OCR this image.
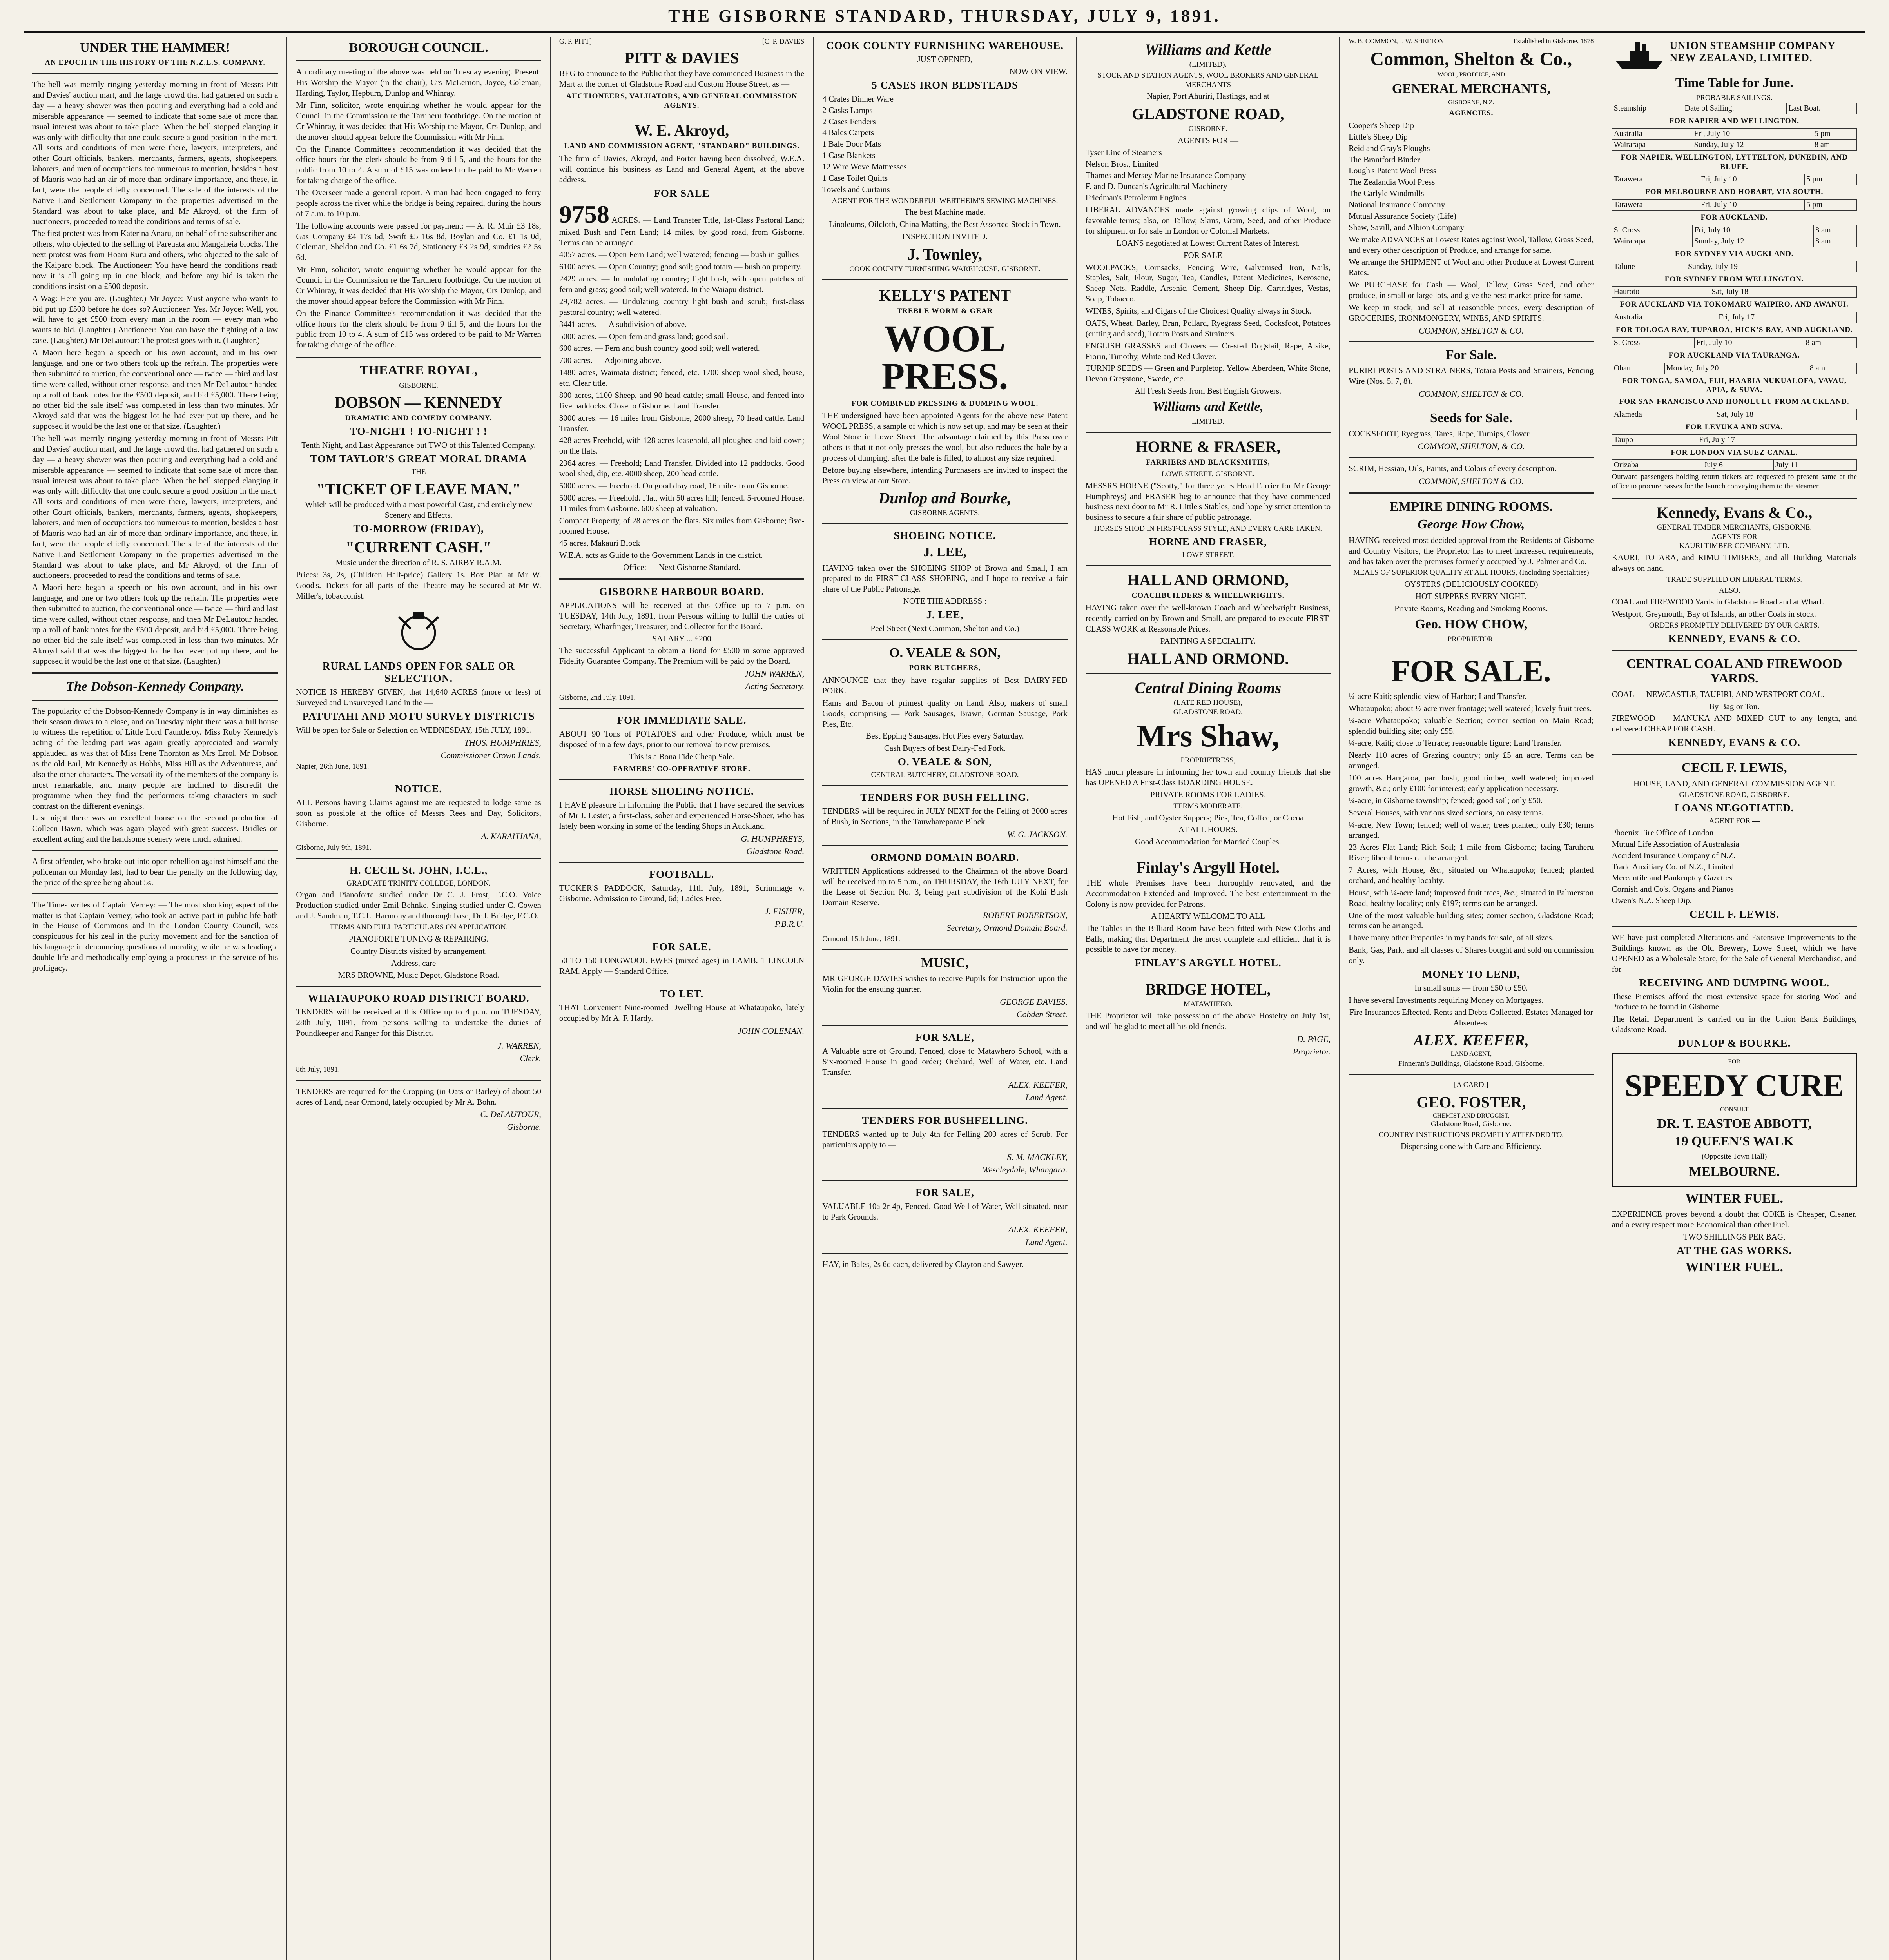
THE GISBORNE STANDARD, THURSDAY, JULY 9, 1891.
UNDER THE HAMMER!
AN EPOCH IN THE HISTORY OF THE N.Z.L.S. COMPANY.

The bell was merrily ringing yesterday morning in front of Messrs Pitt and Davies' auction mart, and the large crowd that had gathered on such a day — a heavy shower was then pouring and everything had a cold and miserable appearance — seemed to indicate that some sale of more than usual interest was about to take place. When the bell stopped clanging it was only with difficulty that one could secure a good position in the mart. All sorts and conditions of men were there, lawyers, interpreters, and other Court officials, bankers, merchants, farmers, agents, shopkeepers, laborers, and men of occupations too numerous to mention, besides a host of Maoris who had an air of more than ordinary importance, and these, in fact, were the people chiefly concerned. The sale of the interests of the Native Land Settlement Company in the properties advertised in the Standard was about to take place, and Mr Akroyd, of the firm of auctioneers, proceeded to read the conditions and terms of sale.

The first protest was from Katerina Anaru, on behalf of the subscriber and others, who objected to the selling of Pareuata and Mangaheia blocks. The next protest was from Hoani Ruru and others, who objected to the sale of the Kaiparo block. The Auctioneer: You have heard the conditions read; now it is all going up in one block, and before any bid is taken the conditions insist on a £500 deposit.

A Wag: Here you are. (Laughter.) Mr Joyce: Must anyone who wants to bid put up £500 before he does so? Auctioneer: Yes. Mr Joyce: Well, you will have to get £500 from every man in the room — every man who wants to bid. (Laughter.) Auctioneer: You can have the fighting of a law case. (Laughter.) Mr DeLautour: The protest goes with it. (Laughter.)

A Maori here began a speech on his own account, and in his own language, and one or two others took up the refrain. The properties were then submitted to auction, the conventional once — twice — third and last time were called, without other response, and then Mr DeLautour handed up a roll of bank notes for the £500 deposit, and bid £5,000. There being no other bid the sale itself was completed in less than two minutes. Mr Akroyd said that was the biggest lot he had ever put up there, and he supposed it would be the last one of that size. (Laughter.)

The bell was merrily ringing yesterday morning in front of Messrs Pitt and Davies' auction mart, and the large crowd that had gathered on such a day — a heavy shower was then pouring and everything had a cold and miserable appearance — seemed to indicate that some sale of more than usual interest was about to take place. When the bell stopped clanging it was only with difficulty that one could secure a good position in the mart. All sorts and conditions of men were there, lawyers, interpreters, and other Court officials, bankers, merchants, farmers, agents, shopkeepers, laborers, and men of occupations too numerous to mention, besides a host of Maoris who had an air of more than ordinary importance, and these, in fact, were the people chiefly concerned. The sale of the interests of the Native Land Settlement Company in the properties advertised in the Standard was about to take place, and Mr Akroyd, of the firm of auctioneers, proceeded to read the conditions and terms of sale.

A Maori here began a speech on his own account, and in his own language, and one or two others took up the refrain. The properties were then submitted to auction, the conventional once — twice — third and last time were called, without other response, and then Mr DeLautour handed up a roll of bank notes for the £500 deposit, and bid £5,000. There being no other bid the sale itself was completed in less than two minutes. Mr Akroyd said that was the biggest lot he had ever put up there, and he supposed it would be the last one of that size. (Laughter.)

The Dobson-Kennedy Company.

The popularity of the Dobson-Kennedy Company is in way diminishes as their season draws to a close, and on Tuesday night there was a full house to witness the repetition of Little Lord Fauntleroy. Miss Ruby Kennedy's acting of the leading part was again greatly appreciated and warmly applauded, as was that of Miss Irene Thornton as Mrs Errol, Mr Dobson as the old Earl, Mr Kennedy as Hobbs, Miss Hill as the Adventuress, and also the other characters. The versatility of the members of the company is most remarkable, and many people are inclined to discredit the programme when they find the performers taking characters in such contrast on the different evenings.

Last night there was an excellent house on the second production of Colleen Bawn, which was again played with great success. Bridles on excellent acting and the handsome scenery were much admired.

A first offender, who broke out into open rebellion against himself and the policeman on Monday last, had to bear the penalty on the following day, the price of the spree being about 5s.

The Times writes of Captain Verney: — The most shocking aspect of the matter is that Captain Verney, who took an active part in public life both in the House of Commons and in the London County Council, was conspicuous for his zeal in the purity movement and for the sanction of his language in denouncing questions of morality, while he was leading a double life and methodically employing a procuress in the service of his profligacy.

BOROUGH COUNCIL.

An ordinary meeting of the above was held on Tuesday evening. Present: His Worship the Mayor (in the chair), Crs McLernon, Joyce, Coleman, Harding, Taylor, Hepburn, Dunlop and Whinray.

Mr Finn, solicitor, wrote enquiring whether he would appear for the Council in the Commission re the Taruheru footbridge. On the motion of Cr Whinray, it was decided that His Worship the Mayor, Crs Dunlop, and the mover should appear before the Commission with Mr Finn.

On the Finance Committee's recommendation it was decided that the office hours for the clerk should be from 9 till 5, and the hours for the public from 10 to 4. A sum of £15 was ordered to be paid to Mr Warren for taking charge of the office.

The Overseer made a general report. A man had been engaged to ferry people across the river while the bridge is being repaired, during the hours of 7 a.m. to 10 p.m.

The following accounts were passed for payment: — A. R. Muir £3 18s, Gas Company £4 17s 6d, Swift £5 16s 8d, Boylan and Co. £1 1s 0d, Coleman, Sheldon and Co. £1 6s 7d, Stationery £3 2s 9d, sundries £2 5s 6d.

Mr Finn, solicitor, wrote enquiring whether he would appear for the Council in the Commission re the Taruheru footbridge. On the motion of Cr Whinray, it was decided that His Worship the Mayor, Crs Dunlop, and the mover should appear before the Commission with Mr Finn.

On the Finance Committee's recommendation it was decided that the office hours for the clerk should be from 9 till 5, and the hours for the public from 10 to 4. A sum of £15 was ordered to be paid to Mr Warren for taking charge of the office.

THEATRE ROYAL,
GISBORNE.
DOBSON — KENNEDY
DRAMATIC AND COMEDY COMPANY.
TO-NIGHT ! TO-NIGHT ! !

Tenth Night, and Last Appearance but TWO of this Talented Company.

TOM TAYLOR'S GREAT MORAL DRAMA
THE
"TICKET OF LEAVE MAN."

Which will be produced with a most powerful Cast, and entirely new Scenery and Effects.

TO-MORROW (FRIDAY),
"CURRENT CASH."

Music under the direction of R. S. AIRBY R.A.M.

Prices: 3s, 2s, (Children Half-price) Gallery 1s. Box Plan at Mr W. Good's. Tickets for all parts of the Theatre may be secured at Mr W. Miller's, tobacconist.

RURAL LANDS OPEN FOR SALE OR SELECTION.

NOTICE IS HEREBY GIVEN, that 14,640 ACRES (more or less) of Surveyed and Unsurveyed Land in the —

PATUTAHI AND MOTU SURVEY DISTRICTS

Will be open for Sale or Selection on WEDNESDAY, 15th JULY, 1891.

THOS. HUMPHRIES,
Commissioner Crown Lands.

Napier, 26th June, 1891.

NOTICE.

ALL Persons having Claims against me are requested to lodge same as soon as possible at the office of Messrs Rees and Day, Solicitors, Gisborne.

A. KARAITIANA,

Gisborne, July 9th, 1891.

H. CECIL St. JOHN, I.C.L.,
GRADUATE TRINITY COLLEGE, LONDON.

Organ and Pianoforte studied under Dr C. J. Frost, F.C.O. Voice Production studied under Emil Behnke. Singing studied under C. Cowen and J. Sandman, T.C.L. Harmony and thorough base, Dr J. Bridge, F.C.O.

TERMS AND FULL PARTICULARS ON APPLICATION.

PIANOFORTE TUNING & REPAIRING.

Country Districts visited by arrangement.

Address, care —

MRS BROWNE, Music Depot, Gladstone Road.

WHATAUPOKO ROAD DISTRICT BOARD.

TENDERS will be received at this Office up to 4 p.m. on TUESDAY, 28th July, 1891, from persons willing to undertake the duties of Poundkeeper and Ranger for this District.

J. WARREN,
Clerk.

8th July, 1891.

TENDERS are required for the Cropping (in Oats or Barley) of about 50 acres of Land, near Ormond, lately occupied by Mr A. Bohn.

C. DeLAUTOUR,
Gisborne.
G. P. PITT]	[C. P. DAVIES
PITT & DAVIES

BEG to announce to the Public that they have commenced Business in the Mart at the corner of Gladstone Road and Custom House Street, as —

AUCTIONEERS, VALUATORS, AND GENERAL COMMISSION AGENTS.
W. E. Akroyd,
LAND AND COMMISSION AGENT, "STANDARD" BUILDINGS.

The firm of Davies, Akroyd, and Porter having been dissolved, W.E.A. will continue his business as Land and General Agent, at the above address.

FOR SALE

9758 ACRES. — Land Transfer Title, 1st-Class Pastoral Land; mixed Bush and Fern Land; 14 miles, by good road, from Gisborne. Terms can be arranged.

4057 acres. — Open Fern Land; well watered; fencing — bush in gullies

6100 acres. — Open Country; good soil; good totara — bush on property.

2429 acres. — In undulating country; light bush, with open patches of fern and grass; good soil; well watered. In the Waiapu district.

29,782 acres. — Undulating country light bush and scrub; first-class pastoral country; well watered.

3441 acres. — A subdivision of above.

5000 acres. — Open fern and grass land; good soil.

600 acres. — Fern and bush country good soil; well watered.

700 acres. — Adjoining above.

1480 acres, Waimata district; fenced, etc. 1700 sheep wool shed, house, etc. Clear title.

800 acres, 1100 Sheep, and 90 head cattle; small House, and fenced into five paddocks. Close to Gisborne. Land Transfer.

3000 acres. — 16 miles from Gisborne, 2000 sheep, 70 head cattle. Land Transfer.

428 acres Freehold, with 128 acres leasehold, all ploughed and laid down; on the flats.

2364 acres. — Freehold; Land Transfer. Divided into 12 paddocks. Good wool shed, dip, etc. 4000 sheep, 200 head cattle.

5000 acres. — Freehold. On good dray road, 16 miles from Gisborne.

5000 acres. — Freehold. Flat, with 50 acres hill; fenced. 5-roomed House. 11 miles from Gisborne. 600 sheep at valuation.

Compact Property, of 28 acres on the flats. Six miles from Gisborne; five-roomed House.

45 acres, Makauri Block

W.E.A. acts as Guide to the Government Lands in the district.

Office: — Next Gisborne Standard.

GISBORNE HARBOUR BOARD.

APPLICATIONS will be received at this Office up to 7 p.m. on TUESDAY, 14th July, 1891, from Persons willing to fulfil the duties of Secretary, Wharfinger, Treasurer, and Collector for the Board.

SALARY ... £200

The successful Applicant to obtain a Bond for £500 in some approved Fidelity Guarantee Company. The Premium will be paid by the Board.

JOHN WARREN,
Acting Secretary.

Gisborne, 2nd July, 1891.

FOR IMMEDIATE SALE.

ABOUT 90 Tons of POTATOES and other Produce, which must be disposed of in a few days, prior to our removal to new premises.

This is a Bona Fide Cheap Sale.

FARMERS' CO-OPERATIVE STORE.
HORSE SHOEING NOTICE.

I HAVE pleasure in informing the Public that I have secured the services of Mr J. Lester, a first-class, sober and experienced Horse-Shoer, who has lately been working in some of the leading Shops in Auckland.

G. HUMPHREYS,
Gladstone Road.
FOOTBALL.

TUCKER'S PADDOCK, Saturday, 11th July, 1891, Scrimmage v. Gisborne. Admission to Ground, 6d; Ladies Free.

J. FISHER,
P.B.R.U.
FOR SALE.

50 TO 150 LONGWOOL EWES (mixed ages) in LAMB. 1 LINCOLN RAM. Apply — Standard Office.

TO LET.

THAT Convenient Nine-roomed Dwelling House at Whataupoko, lately occupied by Mr A. F. Hardy.

JOHN COLEMAN.
COOK COUNTY FURNISHING WAREHOUSE.

JUST OPENED,

NOW ON VIEW.

5 CASES IRON BEDSTEADS

4 Crates Dinner Ware

2 Casks Lamps

2 Cases Fenders

4 Bales Carpets

1 Bale Door Mats

1 Case Blankets

12 Wire Wove Mattresses

1 Case Toilet Quilts

Towels and Curtains

AGENT FOR THE WONDERFUL WERTHEIM'S SEWING MACHINES,

The best Machine made.

Linoleums, Oilcloth, China Matting, the Best Assorted Stock in Town.

INSPECTION INVITED.

J. Townley,
COOK COUNTY FURNISHING WAREHOUSE, GISBORNE.
KELLY'S PATENT
TREBLE WORM & GEAR
WOOL PRESS.
FOR COMBINED PRESSING & DUMPING WOOL.

THE undersigned have been appointed Agents for the above new Patent WOOL PRESS, a sample of which is now set up, and may be seen at their Wool Store in Lowe Street. The advantage claimed by this Press over others is that it not only presses the wool, but also reduces the bale by a process of dumping, after the bale is filled, to almost any size required.

Before buying elsewhere, intending Purchasers are invited to inspect the Press on view at our Store.

Dunlop and Bourke,
GISBORNE AGENTS.
SHOEING NOTICE.
J. LEE,

HAVING taken over the SHOEING SHOP of Brown and Small, I am prepared to do FIRST-CLASS SHOEING, and I hope to receive a fair share of the Public Patronage.

NOTE THE ADDRESS :

J. LEE,

Peel Street (Next Common, Shelton and Co.)

O. VEALE & SON,
PORK BUTCHERS,

ANNOUNCE that they have regular supplies of Best DAIRY-FED PORK.

Hams and Bacon of primest quality on hand. Also, makers of small Goods, comprising — Pork Sausages, Brawn, German Sausage, Pork Pies, Etc.

Best Epping Sausages. Hot Pies every Saturday.

Cash Buyers of best Dairy-Fed Pork.

O. VEALE & SON,
CENTRAL BUTCHERY, GLADSTONE ROAD.
TENDERS FOR BUSH FELLING.

TENDERS will be required in JULY NEXT for the Felling of 3000 acres of Bush, in Sections, in the Tauwhareparae Block.

W. G. JACKSON.
ORMOND DOMAIN BOARD.

WRITTEN Applications addressed to the Chairman of the above Board will be received up to 5 p.m., on THURSDAY, the 16th JULY NEXT, for the Lease of Section No. 3, being part subdivision of the Kohi Bush Domain Reserve.

ROBERT ROBERTSON,
Secretary, Ormond Domain Board.

Ormond, 15th June, 1891.

MUSIC,

MR GEORGE DAVIES wishes to receive Pupils for Instruction upon the Violin for the ensuing quarter.

GEORGE DAVIES,
Cobden Street.
FOR SALE,

A Valuable acre of Ground, Fenced, close to Matawhero School, with a Six-roomed House in good order; Orchard, Well of Water, etc. Land Transfer.

ALEX. KEEFER,
Land Agent.
TENDERS FOR BUSHFELLING.

TENDERS wanted up to July 4th for Felling 200 acres of Scrub. For particulars apply to —

S. M. MACKLEY,
Wescleydale, Whangara.
FOR SALE,

VALUABLE 10a 2r 4p, Fenced, Good Well of Water, Well-situated, near to Park Grounds.

ALEX. KEEFER,
Land Agent.

HAY, in Bales, 2s 6d each, delivered by Clayton and Sawyer.

Williams and Kettle
(LIMITED).

STOCK AND STATION AGENTS, WOOL BROKERS AND GENERAL MERCHANTS

Napier, Port Ahuriri, Hastings, and at

GLADSTONE ROAD,
GISBORNE.

AGENTS FOR —

Tyser Line of Steamers

Nelson Bros., Limited

Thames and Mersey Marine Insurance Company

F. and D. Duncan's Agricultural Machinery

Friedman's Petroleum Engines

LIBERAL ADVANCES made against growing clips of Wool, on favorable terms; also, on Tallow, Skins, Grain, Seed, and other Produce for shipment or for sale in London or Colonial Markets.

LOANS negotiated at Lowest Current Rates of Interest.

FOR SALE —

WOOLPACKS, Cornsacks, Fencing Wire, Galvanised Iron, Nails, Staples, Salt, Flour, Sugar, Tea, Candles, Patent Medicines, Kerosene, Sheep Nets, Raddle, Arsenic, Cement, Sheep Dip, Cartridges, Vestas, Soap, Tobacco.

WINES, Spirits, and Cigars of the Choicest Quality always in Stock.

OATS, Wheat, Barley, Bran, Pollard, Ryegrass Seed, Cocksfoot, Potatoes (cutting and seed), Totara Posts and Strainers.

ENGLISH GRASSES and Clovers — Crested Dogstail, Rape, Alsike, Fiorin, Timothy, White and Red Clover.

TURNIP SEEDS — Green and Purpletop, Yellow Aberdeen, White Stone, Devon Greystone, Swede, etc.

All Fresh Seeds from Best English Growers.

Williams and Kettle,
LIMITED.
HORNE & FRASER,
FARRIERS AND BLACKSMITHS,
LOWE STREET, GISBORNE.

MESSRS HORNE ("Scotty," for three years Head Farrier for Mr George Humphreys) and FRASER beg to announce that they have commenced business next door to Mr R. Little's Stables, and hope by strict attention to business to secure a fair share of public patronage.

HORSES SHOD IN FIRST-CLASS STYLE, AND EVERY CARE TAKEN.

HORNE AND FRASER,
LOWE STREET.
HALL AND ORMOND,
COACHBUILDERS & WHEELWRIGHTS.

HAVING taken over the well-known Coach and Wheelwright Business, recently carried on by Brown and Small, are prepared to execute FIRST-CLASS WORK at Reasonable Prices.

PAINTING A SPECIALITY.

HALL AND ORMOND.
Central Dining Rooms
(LATE RED HOUSE),
GLADSTONE ROAD.
Mrs Shaw,
PROPRIETRESS,

HAS much pleasure in informing her town and country friends that she has OPENED A First-Class BOARDING HOUSE.

PRIVATE ROOMS FOR LADIES.

TERMS MODERATE.

Hot Fish, and Oyster Suppers; Pies, Tea, Coffee, or Cocoa

AT ALL HOURS.

Good Accommodation for Married Couples.

Finlay's Argyll Hotel.

THE whole Premises have been thoroughly renovated, and the Accommodation Extended and Improved. The best entertainment in the Colony is now provided for Patrons.

A HEARTY WELCOME TO ALL

The Tables in the Billiard Room have been fitted with New Cloths and Balls, making that Department the most complete and efficient that it is possible to have for money.

FINLAY'S ARGYLL HOTEL.
BRIDGE HOTEL,
MATAWHERO.

THE Proprietor will take possession of the above Hostelry on July 1st, and will be glad to meet all his old friends.

D. PAGE,
Proprietor.
W. B. COMMON, J. W. SHELTON	Established in Gisborne, 1878
Common, Shelton & Co.,
WOOL, PRODUCE, AND
GENERAL MERCHANTS,
GISBORNE, N.Z.
AGENCIES.

Cooper's Sheep Dip

Little's Sheep Dip

Reid and Gray's Ploughs

The Brantford Binder

Lough's Patent Wool Press

The Zealandia Wool Press

The Carlyle Windmills

National Insurance Company

Mutual Assurance Society (Life)

Shaw, Savill, and Albion Company

We make ADVANCES at Lowest Rates against Wool, Tallow, Grass Seed, and every other description of Produce, and arrange for same.

We arrange the SHIPMENT of Wool and other Produce at Lowest Current Rates.

We PURCHASE for Cash — Wool, Tallow, Grass Seed, and other produce, in small or large lots, and give the best market price for same.

We keep in stock, and sell at reasonable prices, every description of GROCERIES, IRONMONGERY, WINES, AND SPIRITS.

COMMON, SHELTON & CO.
For Sale.

PURIRI POSTS AND STRAINERS, Totara Posts and Strainers, Fencing Wire (Nos. 5, 7, 8).

COMMON, SHELTON & CO.
Seeds for Sale.

COCKSFOOT, Ryegrass, Tares, Rape, Turnips, Clover.

COMMON, SHELTON, & CO.

SCRIM, Hessian, Oils, Paints, and Colors of every description.

COMMON, SHELTON & CO.
EMPIRE DINING ROOMS.
George How Chow,

HAVING received most decided approval from the Residents of Gisborne and Country Visitors, the Proprietor has to meet increased requirements, and has taken over the premises formerly occupied by J. Palmer and Co.

MEALS OF SUPERIOR QUALITY AT ALL HOURS, (Including Specialities)

OYSTERS (DELICIOUSLY COOKED)

HOT SUPPERS EVERY NIGHT.

Private Rooms, Reading and Smoking Rooms.

Geo. HOW CHOW,
PROPRIETOR.
FOR SALE.

¼-acre Kaiti; splendid view of Harbor; Land Transfer.

Whataupoko; about ½ acre river frontage; well watered; lovely fruit trees.

¼-acre Whataupoko; valuable Section; corner section on Main Road; splendid building site; only £55.

¼-acre, Kaiti; close to Terrace; reasonable figure; Land Transfer.

Nearly 110 acres of Grazing country; only £5 an acre. Terms can be arranged.

100 acres Hangaroa, part bush, good timber, well watered; improved growth, &c.; only £100 for interest; early application necessary.

¼-acre, in Gisborne township; fenced; good soil; only £50.

Several Houses, with various sized sections, on easy terms.

¼-acre, New Town; fenced; well of water; trees planted; only £30; terms arranged.

23 Acres Flat Land; Rich Soil; 1 mile from Gisborne; facing Taruheru River; liberal terms can be arranged.

7 Acres, with House, &c., situated on Whataupoko; fenced; planted orchard, and healthy locality.

House, with ¼-acre land; improved fruit trees, &c.; situated in Palmerston Road, healthy locality; only £197; terms can be arranged.

One of the most valuable building sites; corner section, Gladstone Road; terms can be arranged.

I have many other Properties in my hands for sale, of all sizes.

Bank, Gas, Park, and all classes of Shares bought and sold on commission only.

MONEY TO LEND,

In small sums — from £50 to £50.

I have several Investments requiring Money on Mortgages.

Fire Insurances Effected. Rents and Debts Collected. Estates Managed for Absentees.

ALEX. KEEFER,
LAND AGENT,

Finneran's Buildings, Gladstone Road, Gisborne.

[A CARD.]
GEO. FOSTER,
CHEMIST AND DRUGGIST,
Gladstone Road, Gisborne.

COUNTRY INSTRUCTIONS PROMPTLY ATTENDED TO.

Dispensing done with Care and Efficiency.

UNION STEAMSHIP COMPANY NEW ZEALAND, LIMITED.
Time Table for June.
PROBABLE SAILINGS.
Steamship	Date of Sailing.	Last Boat.
FOR NAPIER AND WELLINGTON.
Australia	Fri, July 10	5 pm
Wairarapa	Sunday, July 12	8 am
FOR NAPIER, WELLINGTON, LYTTELTON, DUNEDIN, AND BLUFF.
Tarawera	Fri, July 10	5 pm
FOR MELBOURNE AND HOBART, VIA SOUTH.
Tarawera	Fri, July 10	5 pm
FOR AUCKLAND.
S. Cross	Fri, July 10	8 am
Wairarapa	Sunday, July 12	8 am
FOR SYDNEY VIA AUCKLAND.
Talune	Sunday, July 19	
FOR SYDNEY FROM WELLINGTON.
Hauroto	Sat, July 18	
FOR AUCKLAND VIA TOKOMARU WAIPIRO, AND AWANUI.
Australia	Fri, July 17	
FOR TOLOGA BAY, TUPAROA, HICK'S BAY, AND AUCKLAND.
S. Cross	Fri, July 10	8 am
FOR AUCKLAND VIA TAURANGA.
Ohau	Monday, July 20	8 am
FOR TONGA, SAMOA, FIJI, HAABIA NUKUALOFA, VAVAU, APIA, & SUVA.
FOR SAN FRANCISCO AND HONOLULU FROM AUCKLAND.
Alameda	Sat, July 18	
FOR LEVUKA AND SUVA.
Taupo	Fri, July 17	
FOR LONDON VIA SUEZ CANAL.
Orizaba	July 6	July 11

Outward passengers holding return tickets are requested to present same at the office to procure passes for the launch conveying them to the steamer.

Kennedy, Evans & Co.,
GENERAL TIMBER MERCHANTS, GISBORNE.
AGENTS FOR
KAURI TIMBER COMPANY, LTD.

KAURI, TOTARA, and RIMU TIMBERS, and all Building Materials always on hand.

TRADE SUPPLIED ON LIBERAL TERMS.

ALSO, —

COAL and FIREWOOD Yards in Gladstone Road and at Wharf.

Westport, Greymouth, Bay of Islands, an other Coals in stock.

ORDERS PROMPTLY DELIVERED BY OUR CARTS.

KENNEDY, EVANS & CO.
CENTRAL COAL AND FIREWOOD YARDS.

COAL — NEWCASTLE, TAUPIRI, AND WESTPORT COAL.

By Bag or Ton.

FIREWOOD — MANUKA AND MIXED CUT to any length, and delivered CHEAP FOR CASH.

KENNEDY, EVANS & CO.
CECIL F. LEWIS,

HOUSE, LAND, AND GENERAL COMMISSION AGENT.

GLADSTONE ROAD, GISBORNE.

LOANS NEGOTIATED.

AGENT FOR —

Phoenix Fire Office of London

Mutual Life Association of Australasia

Accident Insurance Company of N.Z.

Trade Auxiliary Co. of N.Z., Limited

Mercantile and Bankruptcy Gazettes

Cornish and Co's. Organs and Pianos

Owen's N.Z. Sheep Dip.

CECIL F. LEWIS.

WE have just completed Alterations and Extensive Improvements to the Buildings known as the Old Brewery, Lowe Street, which we have OPENED as a Wholesale Store, for the Sale of General Merchandise, and for

RECEIVING AND DUMPING WOOL.

These Premises afford the most extensive space for storing Wool and Produce to be found in Gisborne.

The Retail Department is carried on in the Union Bank Buildings, Gladstone Road.

DUNLOP & BOURKE.
FOR
SPEEDY CURE
CONSULT
DR. T. EASTOE ABBOTT,
19 QUEEN'S WALK
(Opposite Town Hall)
MELBOURNE.
WINTER FUEL.

EXPERIENCE proves beyond a doubt that COKE is Cheaper, Cleaner, and a every respect more Economical than other Fuel.

TWO SHILLINGS PER BAG,

AT THE GAS WORKS.
WINTER FUEL.
